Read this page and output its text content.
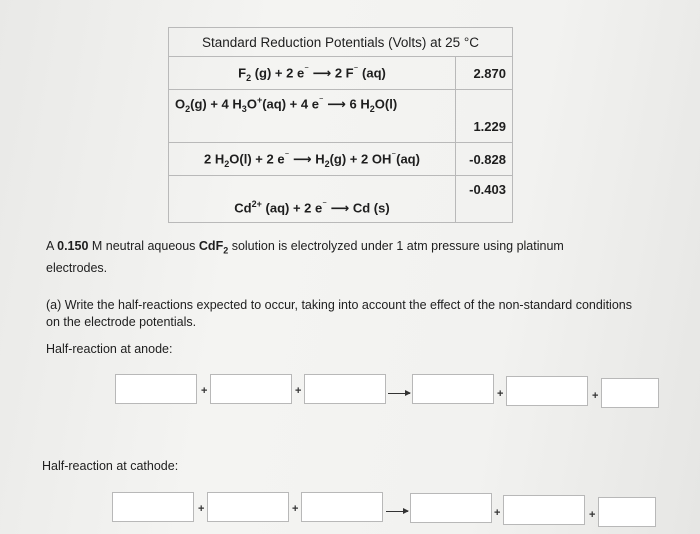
Standard Reduction Potentials (Volts) at 25 °C	
$F_2$ (g) + 2 e⁻ ⟶ 2 F⁻ (aq)	2.870
$O_2(g) + 4$ $H_3O^+(aq) + 4$ e⁻ ⟶ 6 $H_2O(l)$	1.229
2 $H_2O(l) + 2$ e⁻ ⟶ $H_2(g) + 2$ OH⁻(aq)	-0.828
$Cd^{2+}$ (aq) + 2 e⁻ ⟶ Cd (s)	-0.403
A 0.150 M neutral aqueous CdF$_2$ solution is electrolyzed under 1 atm pressure using platinum electrodes.
(a) Write the half-reactions expected to occur, taking into account the effect of the non-standard conditions on the electrode potentials.
Half-reaction at anode:
+	+	+	+
Half-reaction at cathode:
+	+	+	+
